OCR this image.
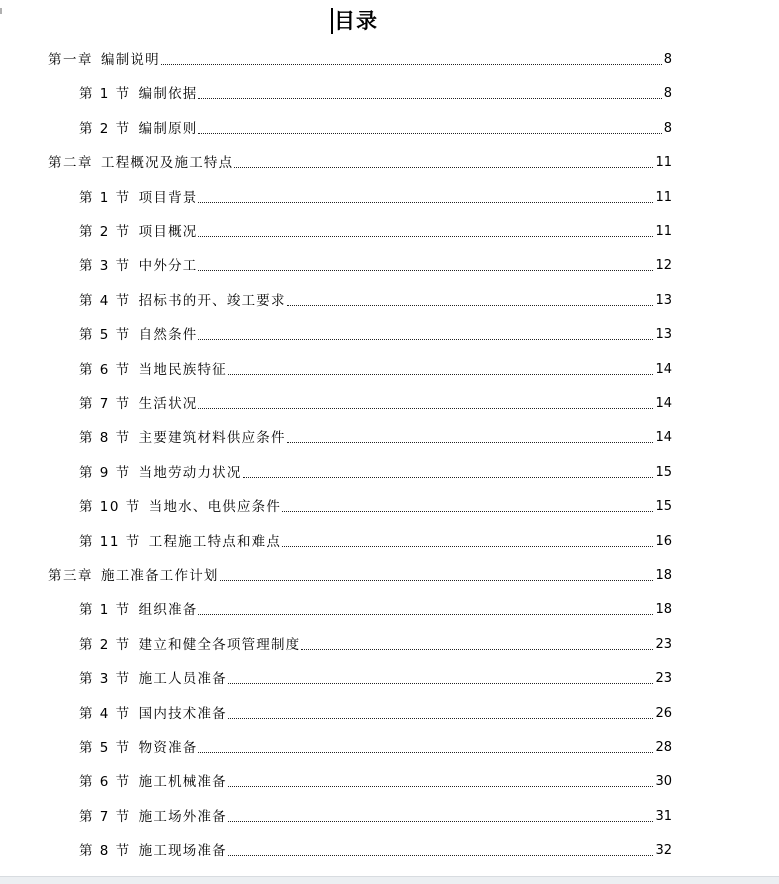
目录
第一章 编制说明	8
第 1 节 编制依据	8
第 2 节 编制原则	8
第二章 工程概况及施工特点	11
第 1 节 项目背景	11
第 2 节 项目概况	11
第 3 节 中外分工	12
第 4 节 招标书的开、竣工要求	13
第 5 节 自然条件	13
第 6 节 当地民族特征	14
第 7 节 生活状况	14
第 8 节 主要建筑材料供应条件	14
第 9 节 当地劳动力状况	15
第 10 节 当地水、电供应条件	15
第 11 节 工程施工特点和难点	16
第三章 施工准备工作计划	18
第 1 节 组织准备	18
第 2 节 建立和健全各项管理制度	23
第 3 节 施工人员准备	23
第 4 节 国内技术准备	26
第 5 节 物资准备	28
第 6 节 施工机械准备	30
第 7 节 施工场外准备	31
第 8 节 施工现场准备	32
